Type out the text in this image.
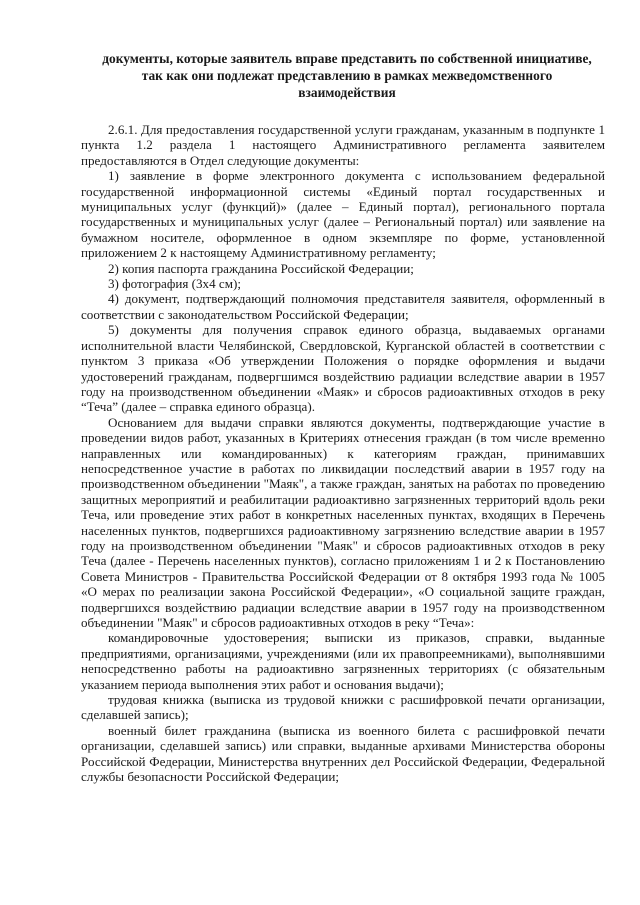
документы, которые заявитель вправе представить по собственной инициативе,
так как они подлежат представлению в рамках межведомственного
взаимодействия

2.6.1. Для предоставления государственной услуги гражданам, указанным в подпункте 1 пункта 1.2 раздела 1 настоящего Административного регламента заявителем предоставляются в Отдел следующие документы:

1) заявление в форме электронного документа с использованием федеральной государственной информационной системы «Единый портал государственных и муниципальных услуг (функций)» (далее – Единый портал), регионального портала государственных и муниципальных услуг (далее – Региональный портал) или заявление на бумажном носителе, оформленное в одном экземпляре по форме, установленной приложением 2 к настоящему Административному регламенту;

2) копия паспорта гражданина Российской Федерации;

3) фотография (3х4 см);

4) документ, подтверждающий полномочия представителя заявителя, оформленный в соответствии с законодательством Российской Федерации;

5) документы для получения справок единого образца, выдаваемых органами исполнительной власти Челябинской, Свердловской, Курганской областей в соответствии с пунктом 3 приказа «Об утверждении Положения о порядке оформления и выдачи удостоверений гражданам, подвергшимся воздействию радиации вследствие аварии в 1957 году на производственном объединении «Маяк» и сбросов радиоактивных отходов в реку “Теча” (далее – справка единого образца).

Основанием для выдачи справки являются документы, подтверждающие участие в проведении видов работ, указанных в Критериях отнесения граждан (в том числе временно направленных или командированных) к категориям граждан, принимавших непосредственное участие в работах по ликвидации последствий аварии в 1957 году на производственном объединении "Маяк", а также граждан, занятых на работах по проведению защитных мероприятий и реабилитации радиоактивно загрязненных территорий вдоль реки Теча, или проведение этих работ в конкретных населенных пунктах, входящих в Перечень населенных пунктов, подвергшихся радиоактивному загрязнению вследствие аварии в 1957 году на производственном объединении "Маяк" и сбросов радиоактивных отходов в реку Теча (далее - Перечень населенных пунктов), согласно приложениям 1 и 2 к Постановлению Совета Министров - Правительства Российской Федерации от 8 октября 1993 года № 1005 «О мерах по реализации закона Российской Федерации», «О социальной защите граждан, подвергшихся воздействию радиации вследствие аварии в 1957 году на производственном объединении "Маяк" и сбросов радиоактивных отходов в реку “Теча»:

командировочные удостоверения; выписки из приказов, справки, выданные предприятиями, организациями, учреждениями (или их правопреемниками), выполнявшими непосредственно работы на радиоактивно загрязненных территориях (с обязательным указанием периода выполнения этих работ и основания выдачи);

трудовая книжка (выписка из трудовой книжки с расшифровкой печати организации, сделавшей запись);

военный билет гражданина (выписка из военного билета с расшифровкой печати организации, сделавшей запись) или справки, выданные архивами Министерства обороны Российской Федерации, Министерства внутренних дел Российской Федерации, Федеральной службы безопасности Российской Федерации;
